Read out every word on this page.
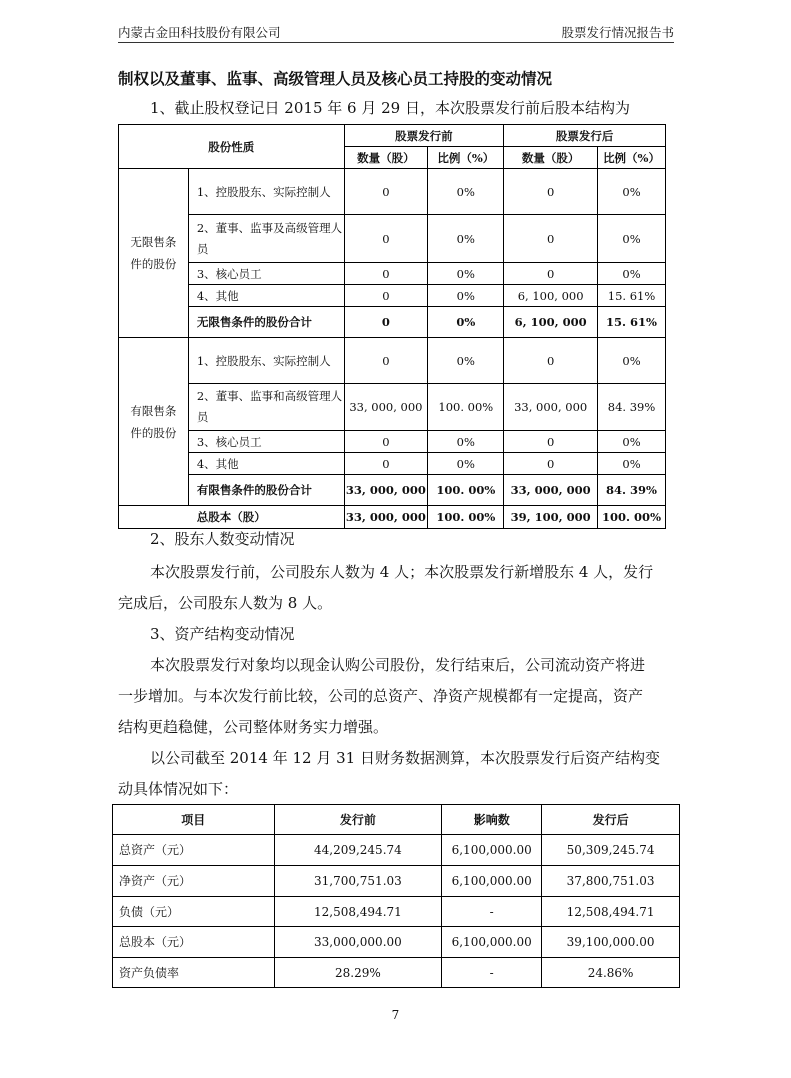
内蒙古金田科技股份有限公司	股票发行情况报告书
制权以及董事、监事、高级管理人员及核心员工持股的变动情况
1、截止股权登记日 2015 年 6 月 29 日，本次股票发行前后股本结构为
股份性质		股票发行前		股票发行后	
		数量（股）	比例（%）	数量（股）	比例（%）
无限售条件的股份	1、控股股东、实际控制人	0	0%	0	0%
	2、董事、监事及高级管理人员	0	0%	0	0%
	3、核心员工	0	0%	0	0%
	4、其他	0	0%	6, 100, 000	15. 61%
	无限售条件的股份合计	0	0%	6, 100, 000	15. 61%
有限售条件的股份	1、控股股东、实际控制人	0	0%	0	0%
	2、董事、监事和高级管理人员	33, 000, 000	100. 00%	33, 000, 000	84. 39%
	3、核心员工	0	0%	0	0%
	4、其他	0	0%	0	0%
	有限售条件的股份合计	33, 000, 000	100. 00%	33, 000, 000	84. 39%
总股本（股）		33, 000, 000	100. 00%	39, 100, 000	100. 00%
2、股东人数变动情况
本次股票发行前，公司股东人数为 4 人；本次股票发行新增股东 4 人，发行
完成后，公司股东人数为 8 人。
3、资产结构变动情况
本次股票发行对象均以现金认购公司股份，发行结束后，公司流动资产将进
一步增加。与本次发行前比较，公司的总资产、净资产规模都有一定提高，资产
结构更趋稳健，公司整体财务实力增强。
以公司截至 2014 年 12 月 31 日财务数据测算，本次股票发行后资产结构变
动具体情况如下：
项目	发行前	影响数	发行后
总资产（元）	44,209,245.74	6,100,000.00	50,309,245.74
净资产（元）	31,700,751.03	6,100,000.00	37,800,751.03
负债（元）	12,508,494.71	-	12,508,494.71
总股本（元）	33,000,000.00	6,100,000.00	39,100,000.00
资产负债率	28.29%	-	24.86%
7
